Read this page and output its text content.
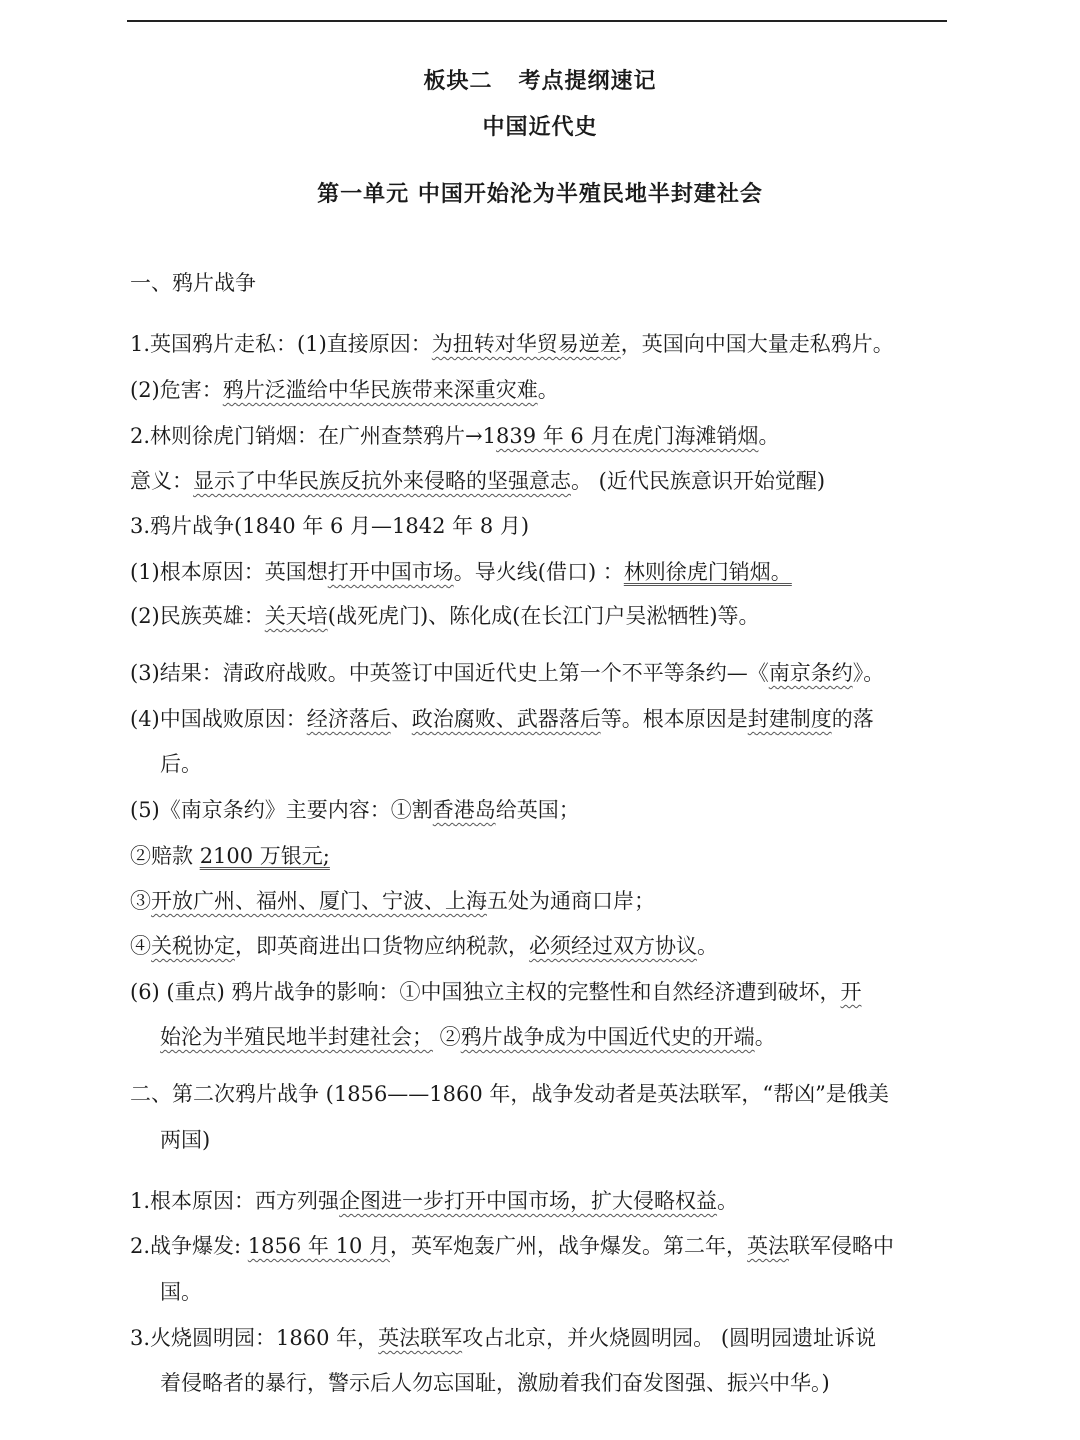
板块二 考点提纲速记
中国近代史
第一单元 中国开始沦为半殖民地半封建社会
一、鸦片战争
1.英国鸦片走私：(1)直接原因：为扭转对华贸易逆差，英国向中国大量走私鸦片。
(2)危害：鸦片泛滥给中华民族带来深重灾难。
2.林则徐虎门销烟：在广州查禁鸦片→1839 年 6 月在虎门海滩销烟。
意义：显示了中华民族反抗外来侵略的坚强意志。 (近代民族意识开始觉醒)
3.鸦片战争(1840 年 6 月—1842 年 8 月)
(1)根本原因：英国想打开中国市场。导火线(借口) ：林则徐虎门销烟。
(2)民族英雄：关天培(战死虎门)、陈化成(在长江门户吴淞牺牲)等。
(3)结果：清政府战败。中英签订中国近代史上第一个不平等条约—《南京条约》。
(4)中国战败原因：经济落后、政治腐败、武器落后等。根本原因是封建制度的落
后。
(5)《南京条约》主要内容：①割香港岛给英国；
②赔款 2100 万银元;
③开放广州、福州、厦门、宁波、上海五处为通商口岸；
④关税协定，即英商进出口货物应纳税款，必须经过双方协议。
(6) (重点) 鸦片战争的影响：①中国独立主权的完整性和自然经济遭到破坏，开
始沦为半殖民地半封建社会； ②鸦片战争成为中国近代史的开端。
二、第二次鸦片战争 (1856——1860 年，战争发动者是英法联军，“帮凶”是俄美
两国)
1.根本原因：西方列强企图进一步打开中国市场，扩大侵略权益。
2.战争爆发: 1856 年 10 月，英军炮轰广州，战争爆发。第二年，英法联军侵略中
国。
3.火烧圆明园：1860 年，英法联军攻占北京，并火烧圆明园。 (圆明园遗址诉说
着侵略者的暴行，警示后人勿忘国耻，激励着我们奋发图强、振兴中华。)
